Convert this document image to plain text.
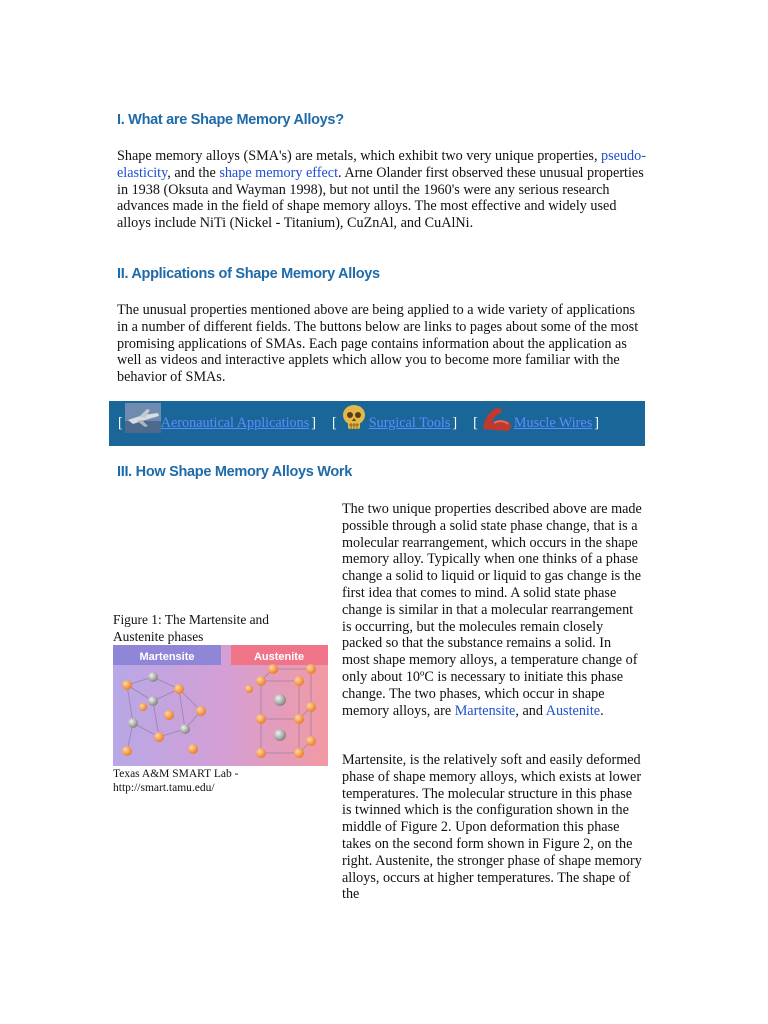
I. What are Shape Memory Alloys?

Shape memory alloys (SMA's) are metals, which exhibit two very unique properties, pseudo-elasticity, and the shape memory effect. Arne Olander first observed these unusual properties in 1938 (Oksuta and Wayman 1998), but not until the 1960's were any serious research advances made in the field of shape memory alloys. The most effective and widely used alloys include NiTi (Nickel - Titanium), CuZnAl, and CuAlNi.

II. Applications of Shape Memory Alloys

The unusual properties mentioned above are being applied to a wide variety of applications in a number of different fields. The buttons below are links to pages about some of the most promising applications of SMAs. Each page contains information about the application as well as videos and interactive applets which allow you to become more familiar with the behavior of SMAs.

[	Aeronautical Applications ] [ Surgical Tools ] [	Muscle Wires ]
III. How Shape Memory Alloys Work

Figure 1: The Martensite and Austenite phases

Martensite	Austenite

Texas A&M SMART Lab - http://smart.tamu.edu/

The two unique properties described above are made possible through a solid state phase change, that is a molecular rearrangement, which occurs in the shape memory alloy. Typically when one thinks of a phase change a solid to liquid or liquid to gas change is the first idea that comes to mind. A solid state phase change is similar in that a molecular rearrangement is occurring, but the molecules remain closely packed so that the substance remains a solid. In most shape memory alloys, a temperature change of only about 10ºC is necessary to initiate this phase change. The two phases, which occur in shape memory alloys, are Martensite, and Austenite.

Martensite, is the relatively soft and easily deformed phase of shape memory alloys, which exists at lower temperatures. The molecular structure in this phase is twinned which is the configuration shown in the middle of Figure 2. Upon deformation this phase takes on the second form shown in Figure 2, on the right. Austenite, the stronger phase of shape memory alloys, occurs at higher temperatures. The shape of the
